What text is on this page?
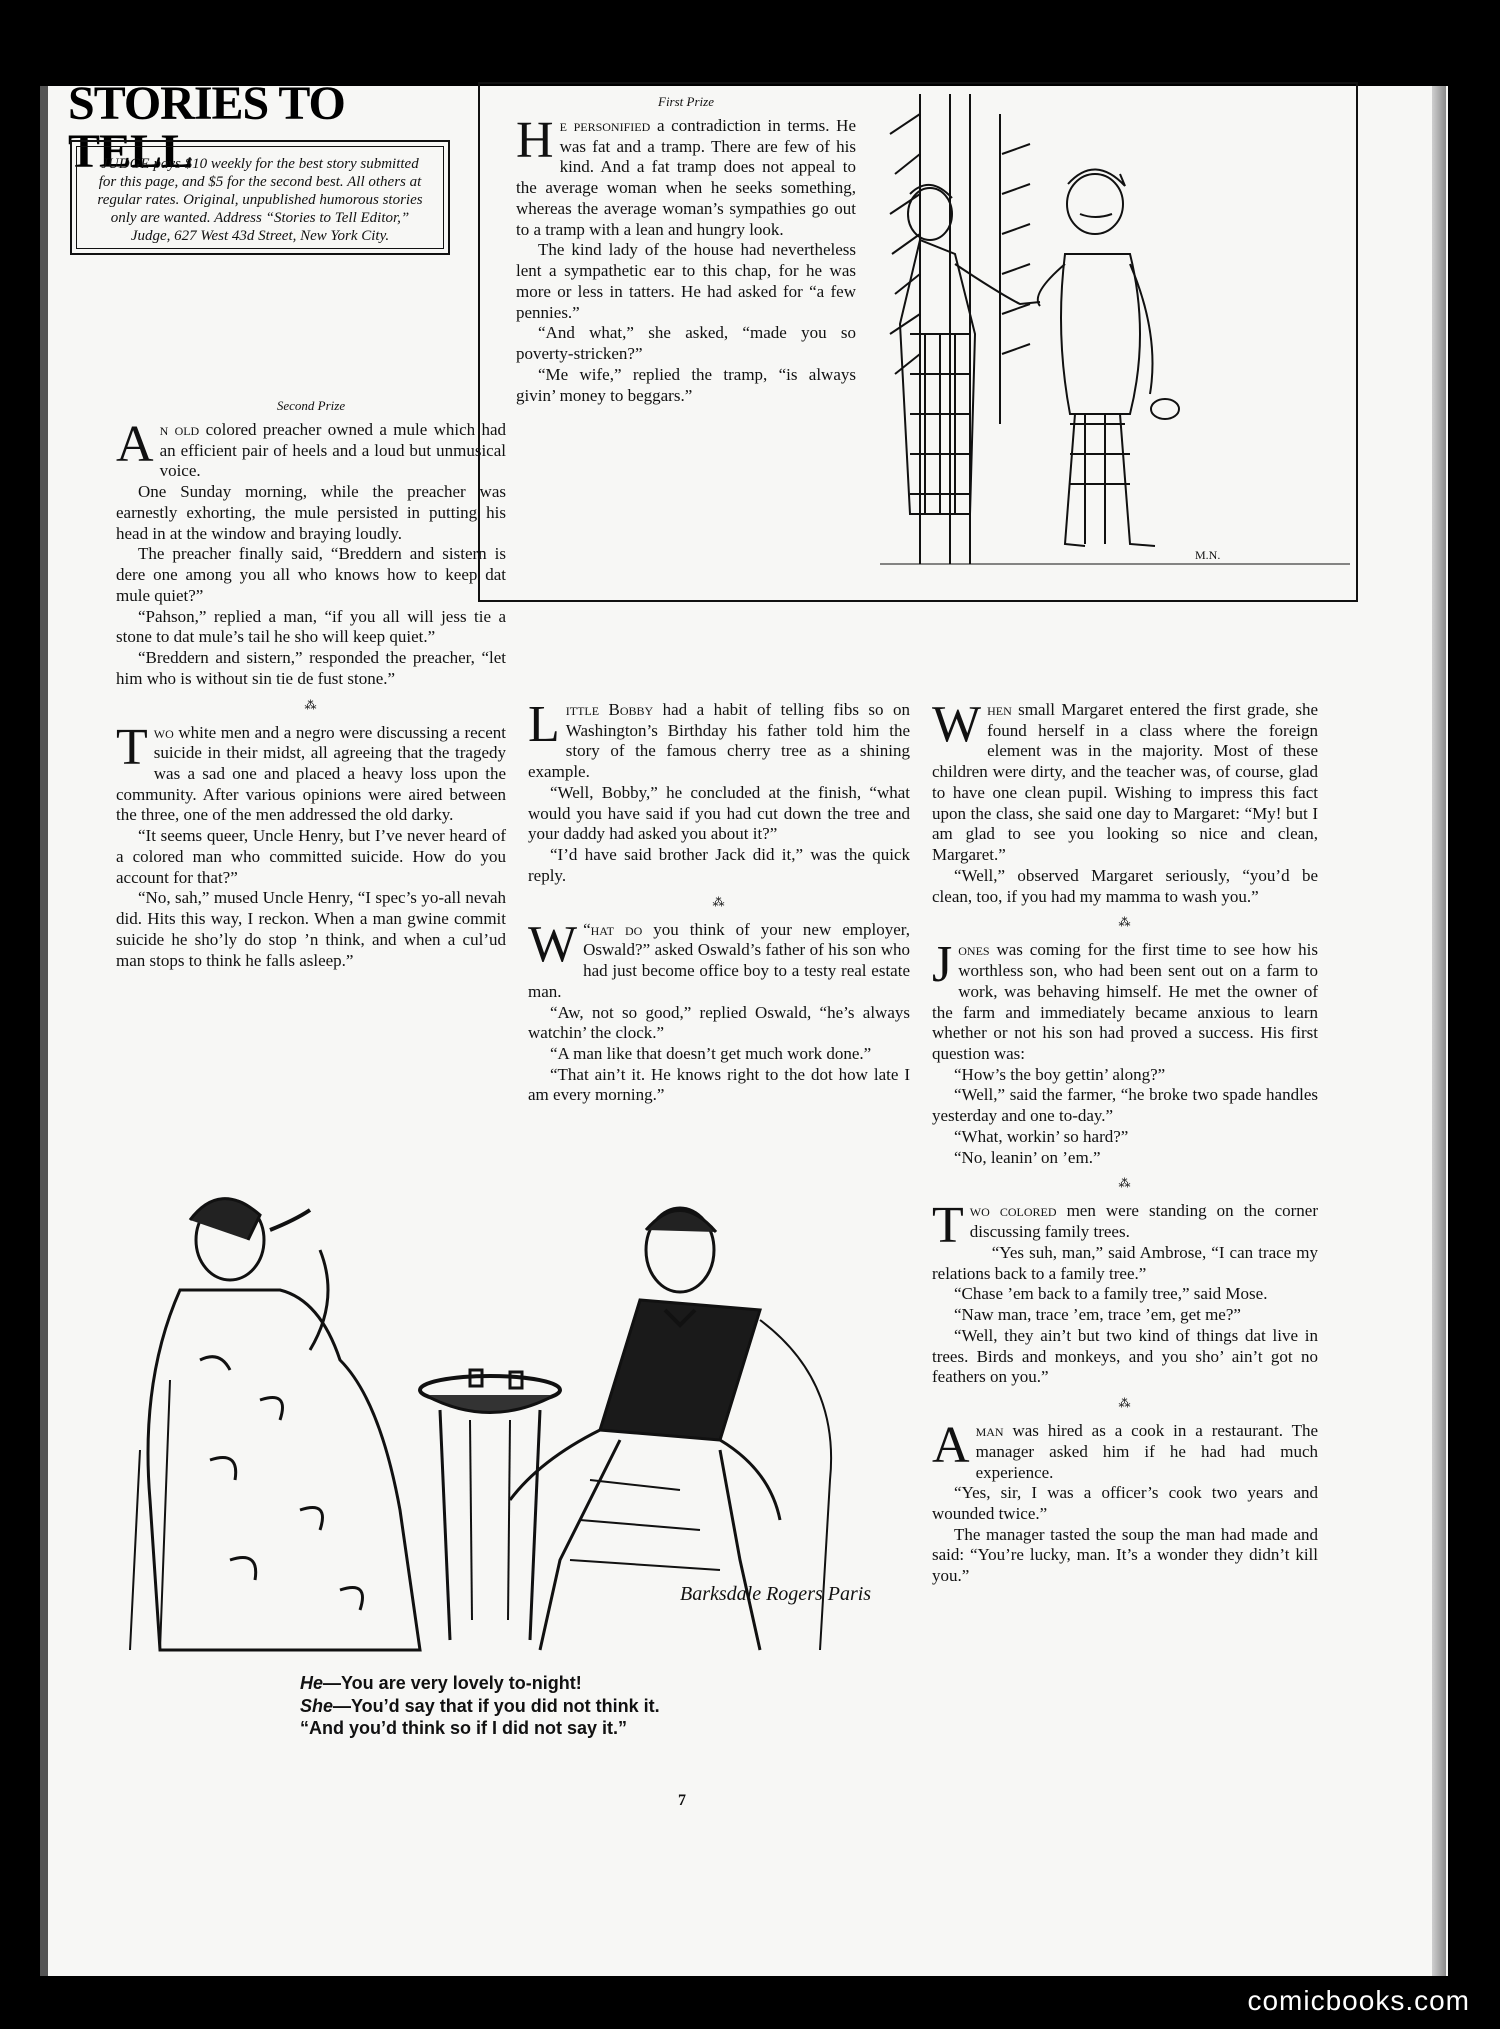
STORIES TO TELL
JUDGE pays $10 weekly for the best story submitted for this page, and $5 for the second best. All others at regular rates. Original, unpublished humorous stories only are wanted. Address “Stories to Tell Editor,” Judge, 627 West 43d Street, New York City.
First Prize

He personified a contradiction in terms. He was fat and a tramp. There are few of his kind. And a fat tramp does not appeal to the average woman when he seeks something, whereas the average woman’s sympathies go out to a tramp with a lean and hungry look.

The kind lady of the house had nevertheless lent a sympathetic ear to this chap, for he was more or less in tatters. He had asked for “a few pennies.”

“And what,” she asked, “made you so poverty-stricken?”

“Me wife,” replied the tramp, “is always givin’ money to beggars.”

M.N.
Second Prize

An old colored preacher owned a mule which had an efficient pair of heels and a loud but unmusical voice.

One Sunday morning, while the preacher was earnestly exhorting, the mule persisted in putting his head in at the window and braying loudly.

The preacher finally said, “Breddern and sistern is dere one among you all who knows how to keep dat mule quiet?”

“Pahson,” replied a man, “if you all will jess tie a stone to dat mule’s tail he sho will keep quiet.”

“Breddern and sistern,” responded the preacher, “let him who is without sin tie de fust stone.”

⁂

Two white men and a negro were discussing a recent suicide in their midst, all agreeing that the tragedy was a sad one and placed a heavy loss upon the community. After various opinions were aired between the three, one of the men addressed the old darky.

“It seems queer, Uncle Henry, but I’ve never heard of a colored man who committed suicide. How do you account for that?”

“No, sah,” mused Uncle Henry, “I spec’s yo-all nevah did. Hits this way, I reckon. When a man gwine commit suicide he sho’ly do stop ’n think, and when a cul’ud man stops to think he falls asleep.”

Little Bobby had a habit of telling fibs so on Washington’s Birthday his father told him the story of the famous cherry tree as a shining example.

“Well, Bobby,” he concluded at the finish, “what would you have said if you had cut down the tree and your daddy had asked you about it?”

“I’d have said brother Jack did it,” was the quick reply.

⁂

“
W hat do you think of your new employer, Oswald?” asked Oswald’s father of his son who had just become office boy to a testy real estate man.

“Aw, not so good,” replied Oswald, “he’s always watchin’ the clock.”

“A man like that doesn’t get much work done.”

“That ain’t it. He knows right to the dot how late I am every morning.”

When small Margaret entered the first grade, she found herself in a class where the foreign element was in the majority. Most of these children were dirty, and the teacher was, of course, glad to have one clean pupil. Wishing to impress this fact upon the class, she said one day to Margaret: “My! but I am glad to see you looking so nice and clean, Margaret.”

“Well,” observed Margaret seriously, “you’d be clean, too, if you had my mamma to wash you.”

⁂

Jones was coming for the first time to see how his worthless son, who had been sent out on a farm to work, was behaving himself. He met the owner of the farm and immediately became anxious to learn whether or not his son had proved a success. His first question was:

“How’s the boy gettin’ along?”

“Well,” said the farmer, “he broke two spade handles yesterday and one to-day.”

“What, workin’ so hard?”

“No, leanin’ on ’em.”

⁂

Two colored men were standing on the corner discussing family trees.

“Yes suh, man,” said Ambrose, “I can trace my relations back to a family tree.”

“Chase ’em back to a family tree,” said Mose.

“Naw man, trace ’em, trace ’em, get me?”

“Well, they ain’t but two kind of things dat live in trees. Birds and monkeys, and you sho’ ain’t got no feathers on you.”

⁂

Aman was hired as a cook in a restaurant. The manager asked him if he had had much experience.

“Yes, sir, I was a officer’s cook two years and wounded twice.”

The manager tasted the soup the man had made and said: “You’re lucky, man. It’s a wonder they didn’t kill you.”

Barksdale Rogers Paris
He—You are very lovely to-night!
She—You’d say that if you did not think it.
“And you’d think so if I did not say it.”
7
comicbooks.com
